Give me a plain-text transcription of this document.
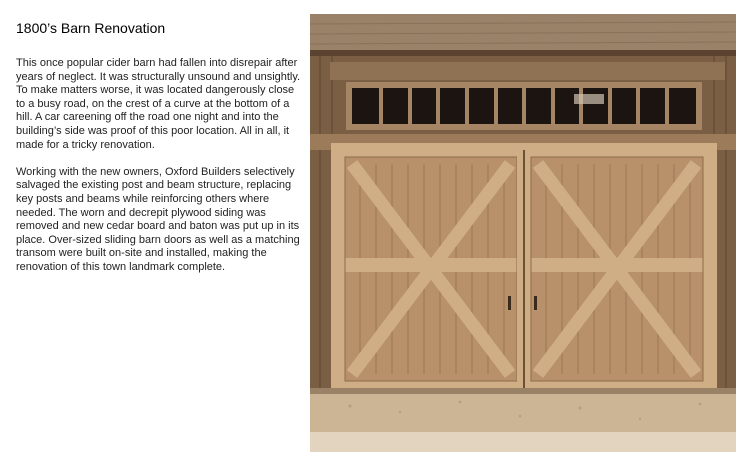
1800’s Barn Renovation

This once popular cider barn had fallen into disrepair after years of neglect. It was structurally unsound and unsightly. To make matters worse, it was located dangerously close to a busy road, on the crest of a curve at the bottom of a hill. A car careening off the road one night and into the building’s side was proof of this poor location. All in all, it made for a tricky renovation.

Working with the new owners, Oxford Builders selectively salvaged the existing post and beam structure, replacing key posts and beams while reinforcing others where needed. The worn and decrepit plywood siding was removed and new cedar board and baton was put up in its place. Over-sized sliding barn doors as well as a matching transom were built on-site and installed, making the renovation of this town landmark complete.
